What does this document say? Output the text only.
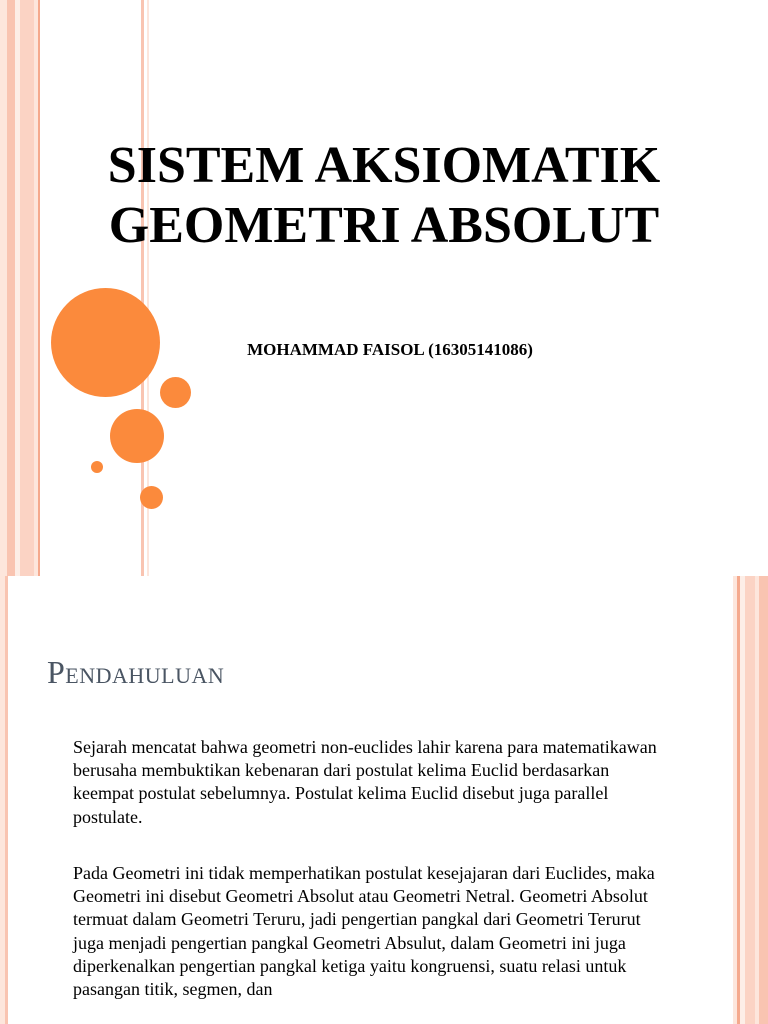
SISTEM AKSIOMATIK
GEOMETRI ABSOLUT
MOHAMMAD FAISOL (16305141086)
Pendahuluan

Sejarah mencatat bahwa geometri non-euclides lahir karena para matematikawan berusaha membuktikan kebenaran dari postulat kelima Euclid berdasarkan keempat postulat sebelumnya. Postulat kelima Euclid disebut juga parallel postulate.

Pada Geometri ini tidak memperhatikan postulat kesejajaran dari Euclides, maka Geometri ini disebut Geometri Absolut atau Geometri Netral. Geometri Absolut termuat dalam Geometri Teruru, jadi pengertian pangkal dari Geometri Terurut juga menjadi pengertian pangkal Geometri Absulut, dalam Geometri ini juga diperkenalkan pengertian pangkal ketiga yaitu kongruensi, suatu relasi untuk pasangan titik, segmen, dan
